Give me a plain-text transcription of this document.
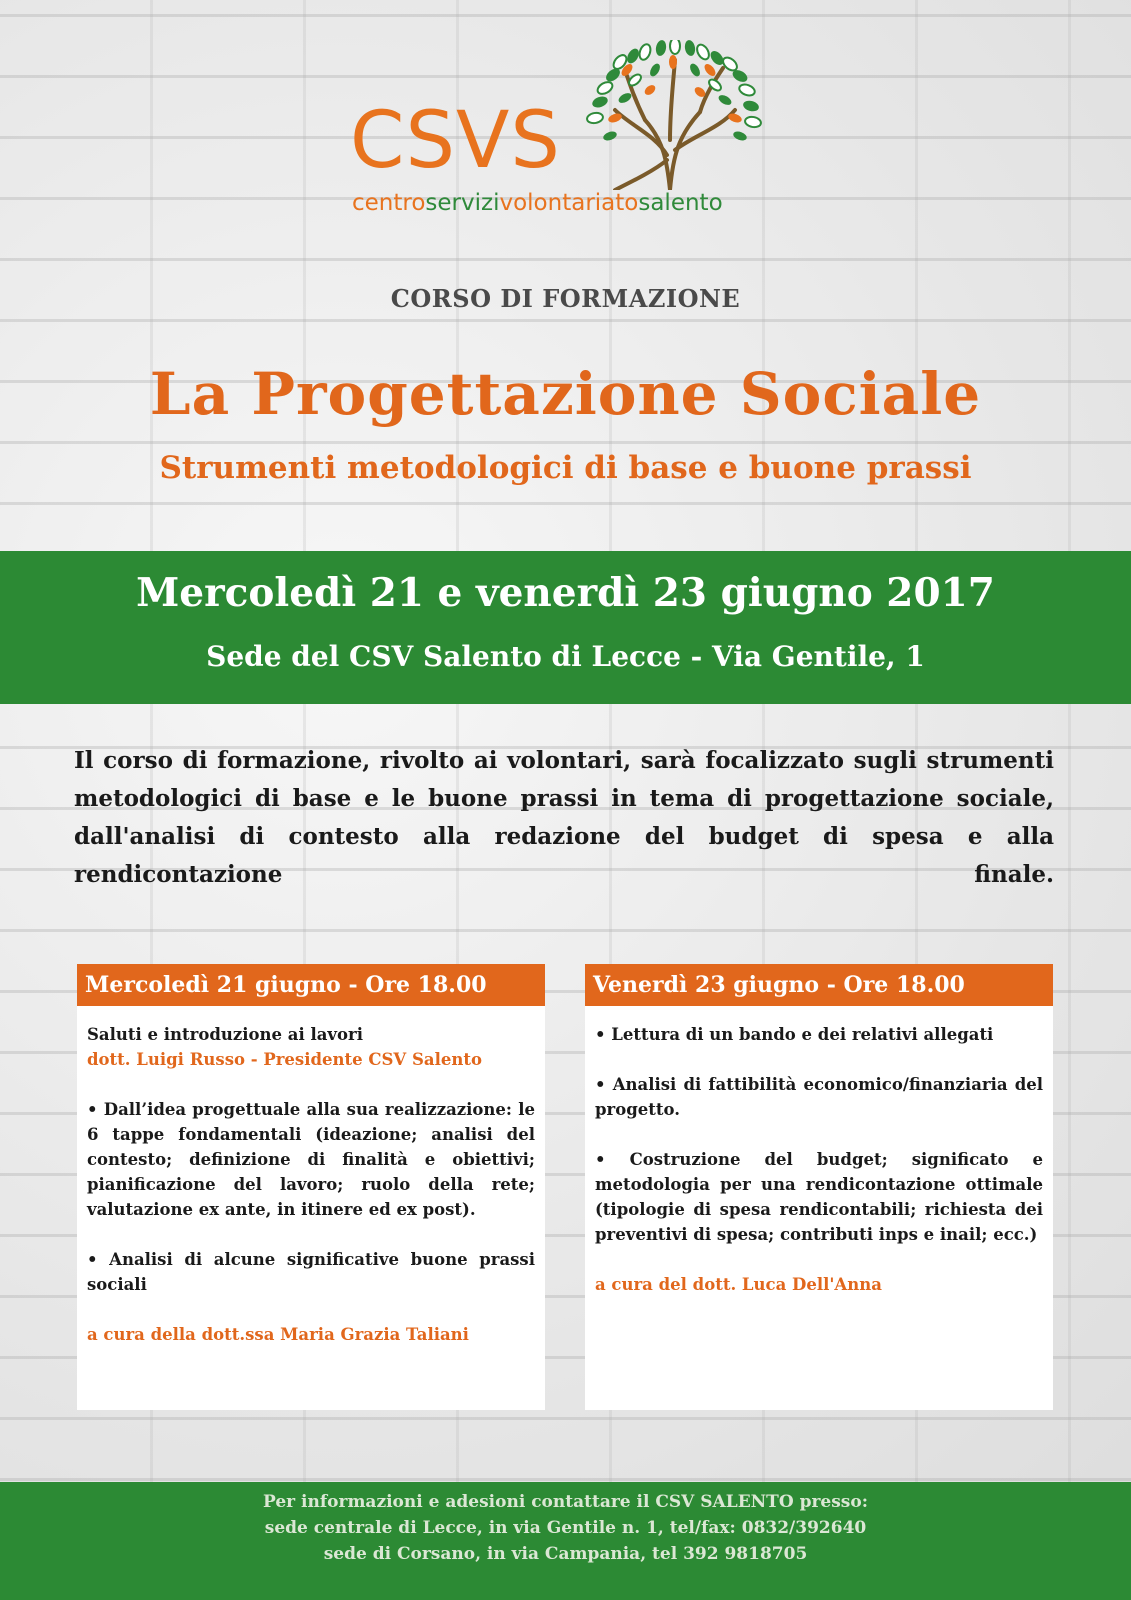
CSVS
centroservizivolontariatosalento
CORSO DI FORMAZIONE
La Progettazione Sociale
Strumenti metodologici di base e buone prassi
Mercoledì 21 e venerdì 23 giugno 2017
Sede del CSV Salento di Lecce - Via Gentile, 1
Il corso di formazione, rivolto ai volontari, sarà focalizzato sugli strumenti metodologici di base e le buone prassi in tema di progettazione sociale, dall'analisi di contesto alla redazione del budget di spesa e alla rendicontazione finale.
Mercoledì 21 giugno - Ore 18.00

Saluti e introduzione ai lavori

dott. Luigi Russo - Presidente CSV Salento

• Dall’idea progettuale alla sua realizzazione: le 6 tappe fondamentali (ideazione; analisi del contesto; definizione di finalità e obiettivi; pianificazione del lavoro; ruolo della rete; valutazione ex ante, in itinere ed ex post).

• Analisi di alcune significative buone prassi sociali

a cura della dott.ssa Maria Grazia Taliani

Venerdì 23 giugno - Ore 18.00

• Lettura di un bando e dei relativi allegati

• Analisi di fattibilità economico/finanziaria del progetto.

• Costruzione del budget; significato e metodologia per una rendicontazione ottimale (tipologie di spesa rendicontabili; richiesta dei preventivi di spesa; contributi inps e inail; ecc.)

a cura del dott. Luca Dell'Anna

Per informazioni e adesioni contattare il CSV SALENTO presso:
sede centrale di Lecce, in via Gentile n. 1, tel/fax: 0832/392640
sede di Corsano, in via Campania, tel 392 9818705
